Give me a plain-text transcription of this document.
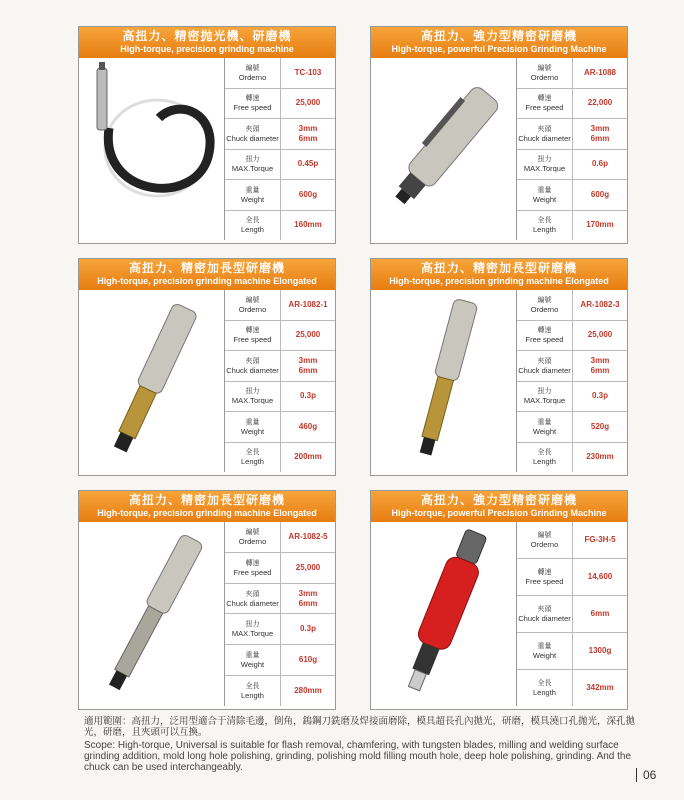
高扭力、精密抛光機、研磨機
High-torque, precision grinding machine
編號
Orderno
TC-103
轉速
Free speed
25,000
夾頭
Chuck diameter
3mm
6mm
扭力
MAX.Torque
0.45p
重量
Weight
600g
全長
Length
160mm
高扭力、強力型精密研磨機
High-torque, powerful Precision Grinding Machine
編號
Orderno
AR-1088
轉速
Free speed
22,000
夾頭
Chuck diameter
3mm
6mm
扭力
MAX.Torque
0.6p
重量
Weight
600g
全長
Length
170mm
高扭力、精密加長型研磨機
High-torque, precision grinding machine Elongated
編號
Orderno
AR-1082-1
轉速
Free speed
25,000
夾頭
Chuck diameter
3mm
6mm
扭力
MAX.Torque
0.3p
重量
Weight
460g
全長
Length
200mm
高扭力、精密加長型研磨機
High-torque, precision grinding machine Elongated
編號
Orderno
AR-1082-3
轉速
Free speed
25,000
夾頭
Chuck diameter
3mm
6mm
扭力
MAX.Torque
0.3p
重量
Weight
520g
全長
Length
230mm
高扭力、精密加長型研磨機
High-torque, precision grinding machine Elongated
編號
Orderno
AR-1082-5
轉速
Free speed
25,000
夾頭
Chuck diameter
3mm
6mm
扭力
MAX.Torque
0.3p
重量
Weight
610g
全長
Length
280mm
高扭力、強力型精密研磨機
High-torque, powerful Precision Grinding Machine
編號
Orderno
FG-3H-5
轉速
Free speed
14,600
夾頭
Chuck diameter
6mm
重量
Weight
1300g
全長
Length
342mm
適用範圍：高扭力，泛用型適合于清除毛邊，倒角，鎢鋼刀銑磨及焊接面磨除，模具超長孔內拋光，研磨，模具澆口孔拋光，深孔拋光，研磨，且夾頭可以互換。
Scope: High-torque, Universal is suitable for flash removal, chamfering, with tungsten blades, milling and welding surface grinding addition, mold long hole polishing, grinding, polishing mold filling mouth hole, deep hole polishing, grinding. And the chuck can be used interchangeably.
06
